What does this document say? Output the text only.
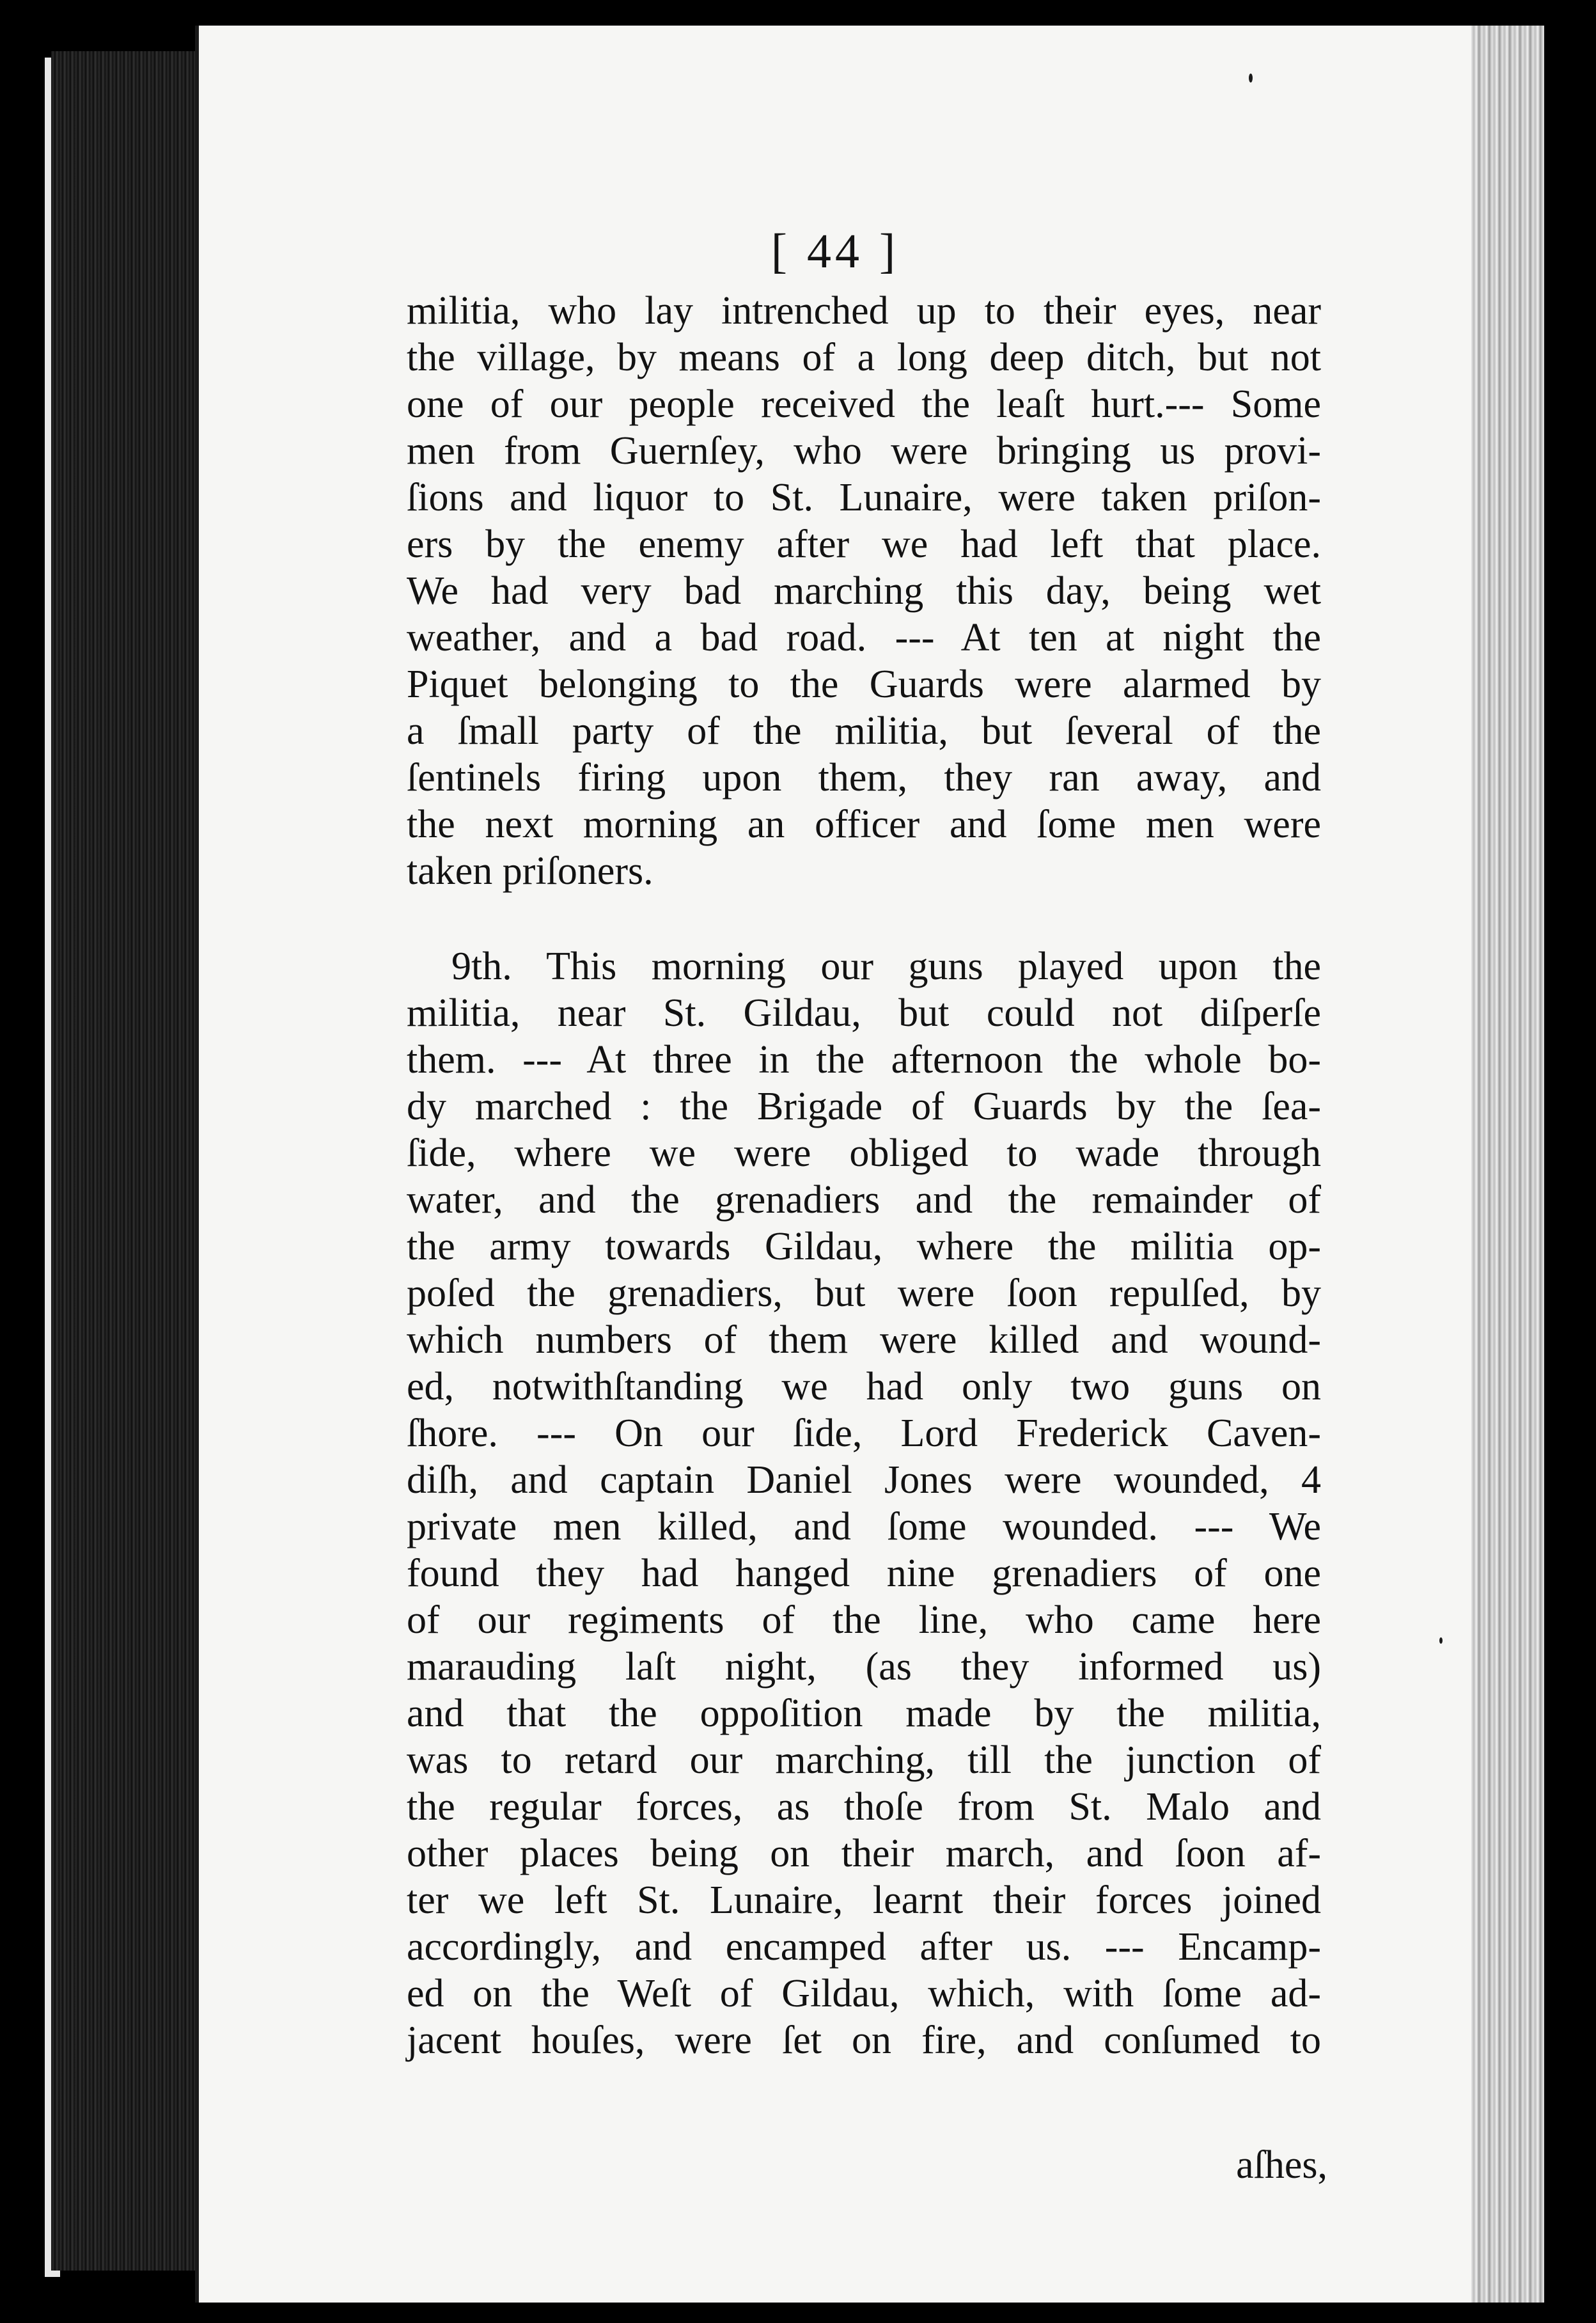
[ 44 ]
militia, who lay intrenched up to their eyes, near
the village, by means of a long deep ditch, but not
one of our people received the leaſt hurt.--- Some
men from Guernſey, who were bringing us provi-
ſions and liquor to St. Lunaire, were taken priſon-
ers by the enemy after we had left that place.
We had very bad marching this day, being wet
weather, and a bad road. --- At ten at night the
Piquet belonging to the Guards were alarmed by
a ſmall party of the militia, but ſeveral of the
ſentinels firing upon them, they ran away, and
the next morning an officer and ſome men were
taken priſoners.
9th. This morning our guns played upon the
militia, near St. Gildau, but could not diſperſe
them. --- At three in the afternoon the whole bo-
dy marched : the Brigade of Guards by the ſea-
ſide, where we were obliged to wade through
water, and the grenadiers and the remainder of
the army towards Gildau, where the militia op-
poſed the grenadiers, but were ſoon repulſed, by
which numbers of them were killed and wound-
ed, notwithſtanding we had only two guns on
ſhore. --- On our ſide, Lord Frederick Caven-
diſh, and captain Daniel Jones were wounded, 4
private men killed, and ſome wounded. --- We
found they had hanged nine grenadiers of one
of our regiments of the line, who came here
marauding laſt night, (as they informed us)
and that the oppoſition made by the militia,
was to retard our marching, till the junction of
the regular forces, as thoſe from St. Malo and
other places being on their march, and ſoon af-
ter we left St. Lunaire, learnt their forces joined
accordingly, and encamped after us. --- Encamp-
ed on the Weſt of Gildau, which, with ſome ad-
jacent houſes, were ſet on fire, and conſumed to
aſhes,
